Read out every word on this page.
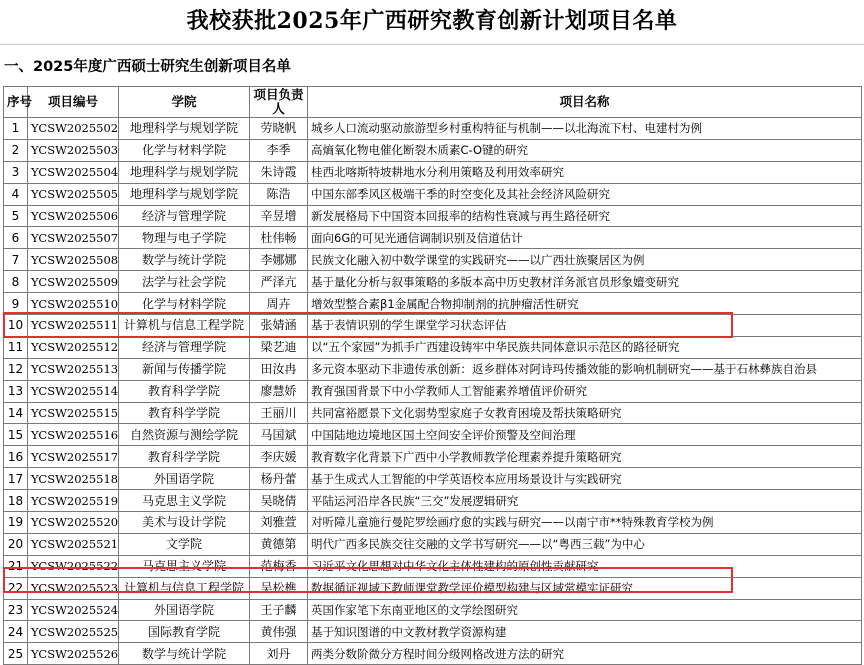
我校获批2025年广西研究教育创新计划项目名单
一、2025年度广西硕士研究生创新项目名单
序号	项目编号	学院	项目负责人	项目名称
1	YCSW2025502	地理科学与规划学院	劳晓帆	城乡人口流动驱动旅游型乡村重构特征与机制——以北海流下村、电建村为例
2	YCSW2025503	化学与材料学院	李季	高熵氧化物电催化断裂木质素C-O键的研究
3	YCSW2025504	地理科学与规划学院	朱诗霞	桂西北喀斯特坡耕地水分利用策略及利用效率研究
4	YCSW2025505	地理科学与规划学院	陈浩	中国东部季风区极端干季的时空变化及其社会经济风险研究
5	YCSW2025506	经济与管理学院	辛昱增	新发展格局下中国资本回报率的结构性衰减与再生路径研究
6	YCSW2025507	物理与电子学院	杜伟畅	面向6G的可见光通信调制识别及信道估计
7	YCSW2025508	数学与统计学院	李娜娜	民族文化融入初中数学课堂的实践研究——以广西壮族聚居区为例
8	YCSW2025509	法学与社会学院	严泽亢	基于量化分析与叙事策略的多版本高中历史教材洋务派官员形象嬗变研究
9	YCSW2025510	化学与材料学院	周卉	增效型整合素β1金属配合物抑制剂的抗肿瘤活性研究
10	YCSW2025511	计算机与信息工程学院	张婧涵	基于表情识别的学生课堂学习状态评估
11	YCSW2025512	经济与管理学院	梁艺迪	以“五个家园”为抓手广西建设铸牢中华民族共同体意识示范区的路径研究
12	YCSW2025513	新闻与传播学院	田汝冉	多元资本驱动下非遗传承创新：返乡群体对阿诗玛传播效能的影响机制研究——基于石林彝族自治县
13	YCSW2025514	教育科学学院	廖慧娇	教育强国背景下中小学教师人工智能素养增值评价研究
14	YCSW2025515	教育科学学院	王丽川	共同富裕愿景下文化弱势型家庭子女教育困境及帮扶策略研究
15	YCSW2025516	自然资源与测绘学院	马国斌	中国陆地边境地区国土空间安全评价预警及空间治理
16	YCSW2025517	教育科学学院	李庆媛	教育数字化背景下广西中小学教师教学伦理素养提升策略研究
17	YCSW2025518	外国语学院	杨丹蕾	基于生成式人工智能的中学英语校本应用场景设计与实践研究
18	YCSW2025519	马克思主义学院	吴晓倩	平陆运河沿岸各民族“三交”发展逻辑研究
19	YCSW2025520	美术与设计学院	刘雅萱	对听障儿童施行曼陀罗绘画疗愈的实践与研究——以南宁市**特殊教育学校为例
20	YCSW2025521	文学院	黄德第	明代广西多民族交往交融的文学书写研究——以“粤西三载”为中心
21	YCSW2025522	马克思主义学院	范梅香	习近平文化思想对中华文化主体性建构的原创性贡献研究
22	YCSW2025523	计算机与信息工程学院	吴松樵	数据循证视域下教师课堂教学评价模型构建与区域常模实证研究
23	YCSW2025524	外国语学院	王子麟	英国作家笔下东南亚地区的文学绘图研究
24	YCSW2025525	国际教育学院	黄伟强	基于知识图谱的中文教材教学资源构建
25	YCSW2025526	数学与统计学院	刘丹	两类分数阶微分方程时间分级网格改进方法的研究
